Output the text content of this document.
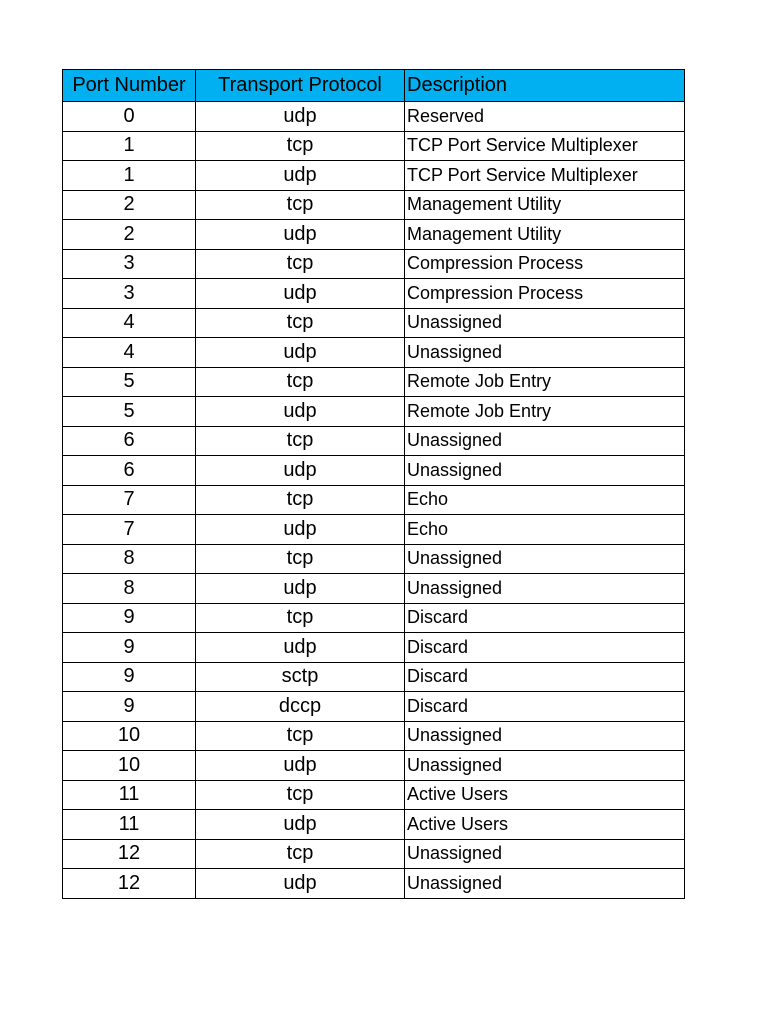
Port Number	Transport Protocol	Description
0	udp	Reserved
1	tcp	TCP Port Service Multiplexer
1	udp	TCP Port Service Multiplexer
2	tcp	Management Utility
2	udp	Management Utility
3	tcp	Compression Process
3	udp	Compression Process
4	tcp	Unassigned
4	udp	Unassigned
5	tcp	Remote Job Entry
5	udp	Remote Job Entry
6	tcp	Unassigned
6	udp	Unassigned
7	tcp	Echo
7	udp	Echo
8	tcp	Unassigned
8	udp	Unassigned
9	tcp	Discard
9	udp	Discard
9	sctp	Discard
9	dccp	Discard
10	tcp	Unassigned
10	udp	Unassigned
11	tcp	Active Users
11	udp	Active Users
12	tcp	Unassigned
12	udp	Unassigned
